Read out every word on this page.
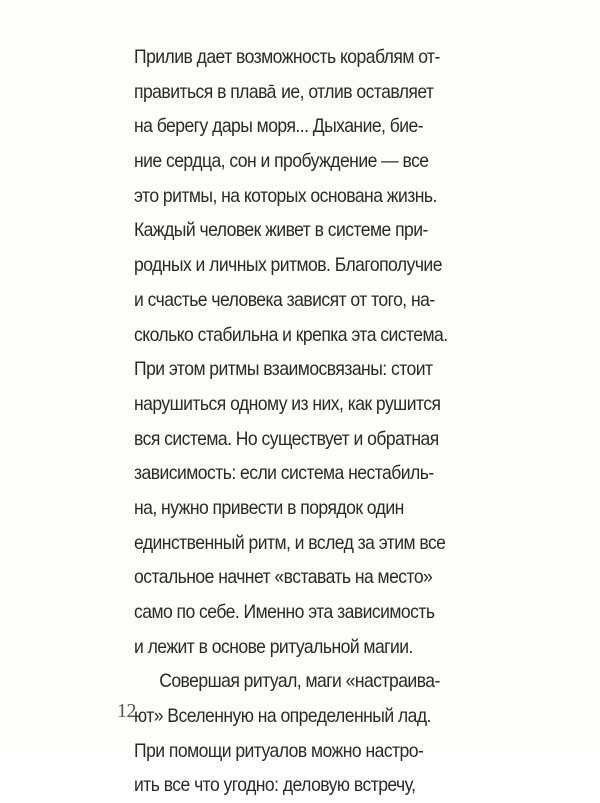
Прилив дает возможность кораблям от-
правиться в плава̄  ие, отлив оставляет
на берегу дары моря... Дыхание, бие-
ние сердца, сон и пробуждение — все
это ритмы, на которых основана жизнь.
Каждый человек живет в системе при-
родных и личных ритмов. Благополучие
и счастье человека зависят от того, на-
сколько стабильна и крепка эта система.
При этом ритмы взаимосвязаны: стоит
нарушиться одному из них, как рушится
вся система. Но существует и обратная
зависимость: если система нестабиль-
на, нужно привести в порядок один
единственный ритм, и вслед за этим все
остальное начнет «вставать на место»
само по себе. Именно эта зависимость
и лежит в основе ритуальной магии.
Совершая ритуал, маги «настраива-
ют» Вселенную на определенный лад.
При помощи ритуалов можно настро-
ить все что угодно: деловую встречу,
12
